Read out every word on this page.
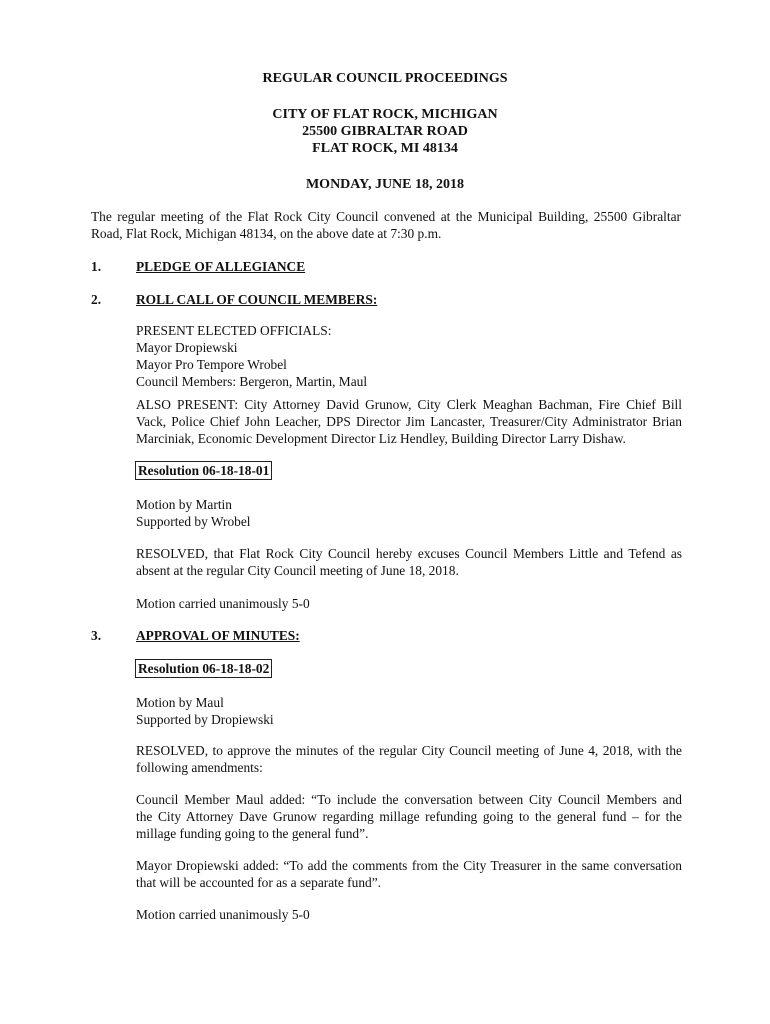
REGULAR COUNCIL PROCEEDINGS
CITY OF FLAT ROCK, MICHIGAN
25500 GIBRALTAR ROAD
FLAT ROCK, MI 48134
MONDAY, JUNE 18, 2018
The regular meeting of the Flat Rock City Council convened at the Municipal Building, 25500 Gibraltar
Road, Flat Rock, Michigan 48134, on the above date at 7:30 p.m.
1.	PLEDGE OF ALLEGIANCE
2.	ROLL CALL OF COUNCIL MEMBERS:
PRESENT ELECTED OFFICIALS:
Mayor Dropiewski
Mayor Pro Tempore Wrobel
Council Members: Bergeron, Martin, Maul
ALSO PRESENT: City Attorney David Grunow, City Clerk Meaghan Bachman, Fire Chief Bill
Vack, Police Chief John Leacher, DPS Director Jim Lancaster, Treasurer/City Administrator Brian
Marciniak, Economic Development Director Liz Hendley, Building Director Larry Dishaw.
Resolution 06-18-18-01
Motion by Martin
Supported by Wrobel
RESOLVED, that Flat Rock City Council hereby excuses Council Members Little and Tefend as
absent at the regular City Council meeting of June 18, 2018.
Motion carried unanimously 5-0
3.	APPROVAL OF MINUTES:
Resolution 06-18-18-02
Motion by Maul
Supported by Dropiewski
RESOLVED, to approve the minutes of the regular City Council meeting of June 4, 2018, with the
following amendments:
Council Member Maul added: “To include the conversation between City Council Members and
the City Attorney Dave Grunow regarding millage refunding going to the general fund – for the
millage funding going to the general fund”.
Mayor Dropiewski added: “To add the comments from the City Treasurer in the same conversation
that will be accounted for as a separate fund”.
Motion carried unanimously 5-0
